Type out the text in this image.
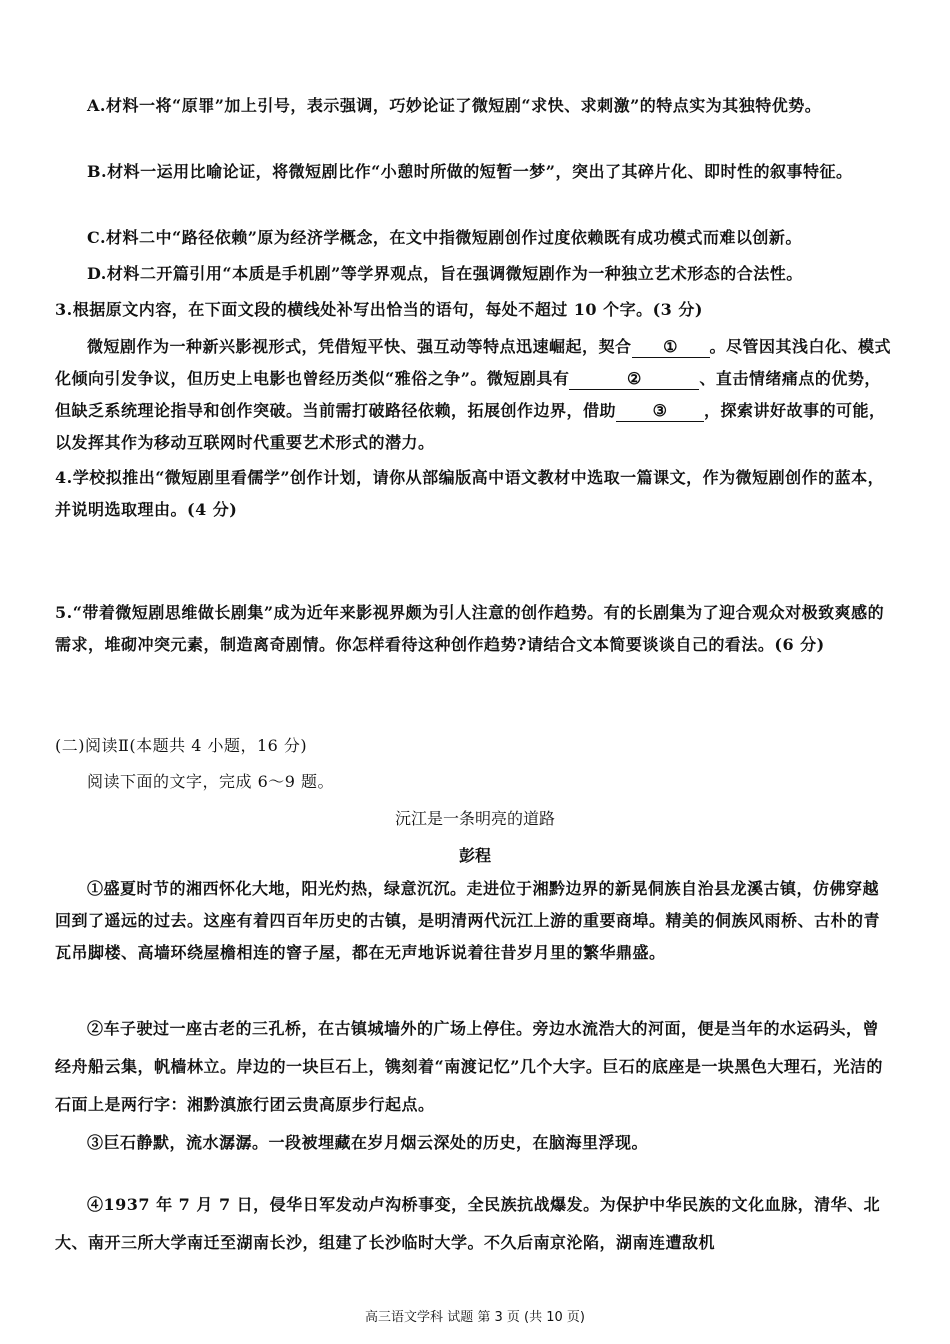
A.材料一将“原罪”加上引号，表示强调，巧妙论证了微短剧“求快、求刺激”的特点实为其独特优势。

B.材料一运用比喻论证，将微短剧比作“小憩时所做的短暂一梦”，突出了其碎片化、即时性的叙事特征。

C.材料二中“路径依赖”原为经济学概念，在文中指微短剧创作过度依赖既有成功模式而难以创新。

D.材料二开篇引用“本质是手机剧”等学界观点，旨在强调微短剧作为一种独立艺术形态的合法性。

3.根据原文内容，在下面文段的横线处补写出恰当的语句，每处不超过 10 个字。(3 分)

微短剧作为一种新兴影视形式，凭借短平快、强互动等特点迅速崛起，契合 ① 。尽管因其浅白化、模式化倾向引发争议，但历史上电影也曾经历类似“雅俗之争”。微短剧具有	②	、直击情绪痛点的优势，但缺乏系统理论指导和创作突破。当前需打破路径依赖，拓展创作边界，借助 ③ ，探索讲好故事的可能，以发挥其作为移动互联网时代重要艺术形式的潜力。

4.学校拟推出“微短剧里看儒学”创作计划，请你从部编版高中语文教材中选取一篇课文，作为微短剧创作的蓝本，并说明选取理由。(4 分)

5.“带着微短剧思维做长剧集”成为近年来影视界颇为引人注意的创作趋势。有的长剧集为了迎合观众对极致爽感的需求，堆砌冲突元素，制造离奇剧情。你怎样看待这种创作趋势?请结合文本简要谈谈自己的看法。(6 分)

(二)阅读Ⅱ(本题共 4 小题，16 分)

阅读下面的文字，完成 6～9 题。

沅江是一条明亮的道路

彭程

①盛夏时节的湘西怀化大地，阳光灼热，绿意沉沉。走进位于湘黔边界的新晃侗族自治县龙溪古镇，仿佛穿越回到了遥远的过去。这座有着四百年历史的古镇，是明清两代沅江上游的重要商埠。精美的侗族风雨桥、古朴的青瓦吊脚楼、高墙环绕屋檐相连的窨子屋，都在无声地诉说着往昔岁月里的繁华鼎盛。

②车子驶过一座古老的三孔桥，在古镇城墙外的广场上停住。旁边水流浩大的河面，便是当年的水运码头，曾经舟船云集，帆樯林立。岸边的一块巨石上，镌刻着“南渡记忆”几个大字。巨石的底座是一块黑色大理石，光洁的石面上是两行字：湘黔滇旅行团云贵高原步行起点。

③巨石静默，流水潺潺。一段被埋藏在岁月烟云深处的历史，在脑海里浮现。

④1937 年 7 月 7 日，侵华日军发动卢沟桥事变，全民族抗战爆发。为保护中华民族的文化血脉，清华、北大、南开三所大学南迁至湖南长沙，组建了长沙临时大学。不久后南京沦陷，湖南连遭敌机

高三语文学科 试题 第 3 页 (共 10 页)
